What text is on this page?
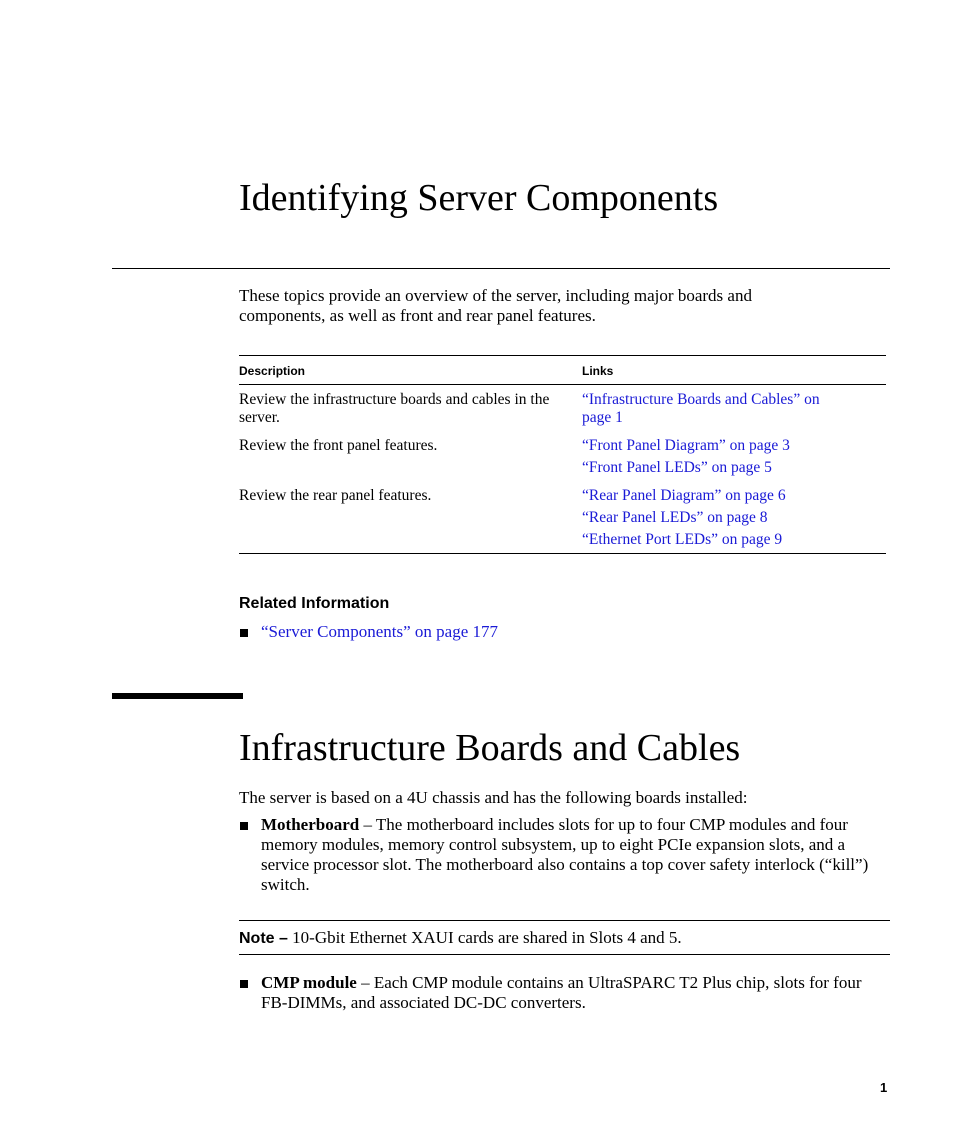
Identifying Server Components

These topics provide an overview of the server, including major boards and components, as well as front and rear panel features.

Description	Links
Review the infrastructure boards and cables in the server.	“Infrastructure Boards and Cables” on page 1

Review the front panel features.	“Front Panel Diagram” on page 3
“Front Panel LEDs” on page 5

Review the rear panel features.	“Rear Panel Diagram” on page 6
“Rear Panel LEDs” on page 8
“Ethernet Port LEDs” on page 9
Related Information
“Server Components” on page 177
Infrastructure Boards and Cables

The server is based on a 4U chassis and has the following boards installed:

Motherboard – The motherboard includes slots for up to four CMP modules and four memory modules, memory control subsystem, up to eight PCIe expansion slots, and a service processor slot. The motherboard also contains a top cover safety interlock (“kill”) switch.

Note – 10-Gbit Ethernet XAUI cards are shared in Slots 4 and 5.

CMP module – Each CMP module contains an UltraSPARC T2 Plus chip, slots for four FB-DIMMs, and associated DC-DC converters.

1
